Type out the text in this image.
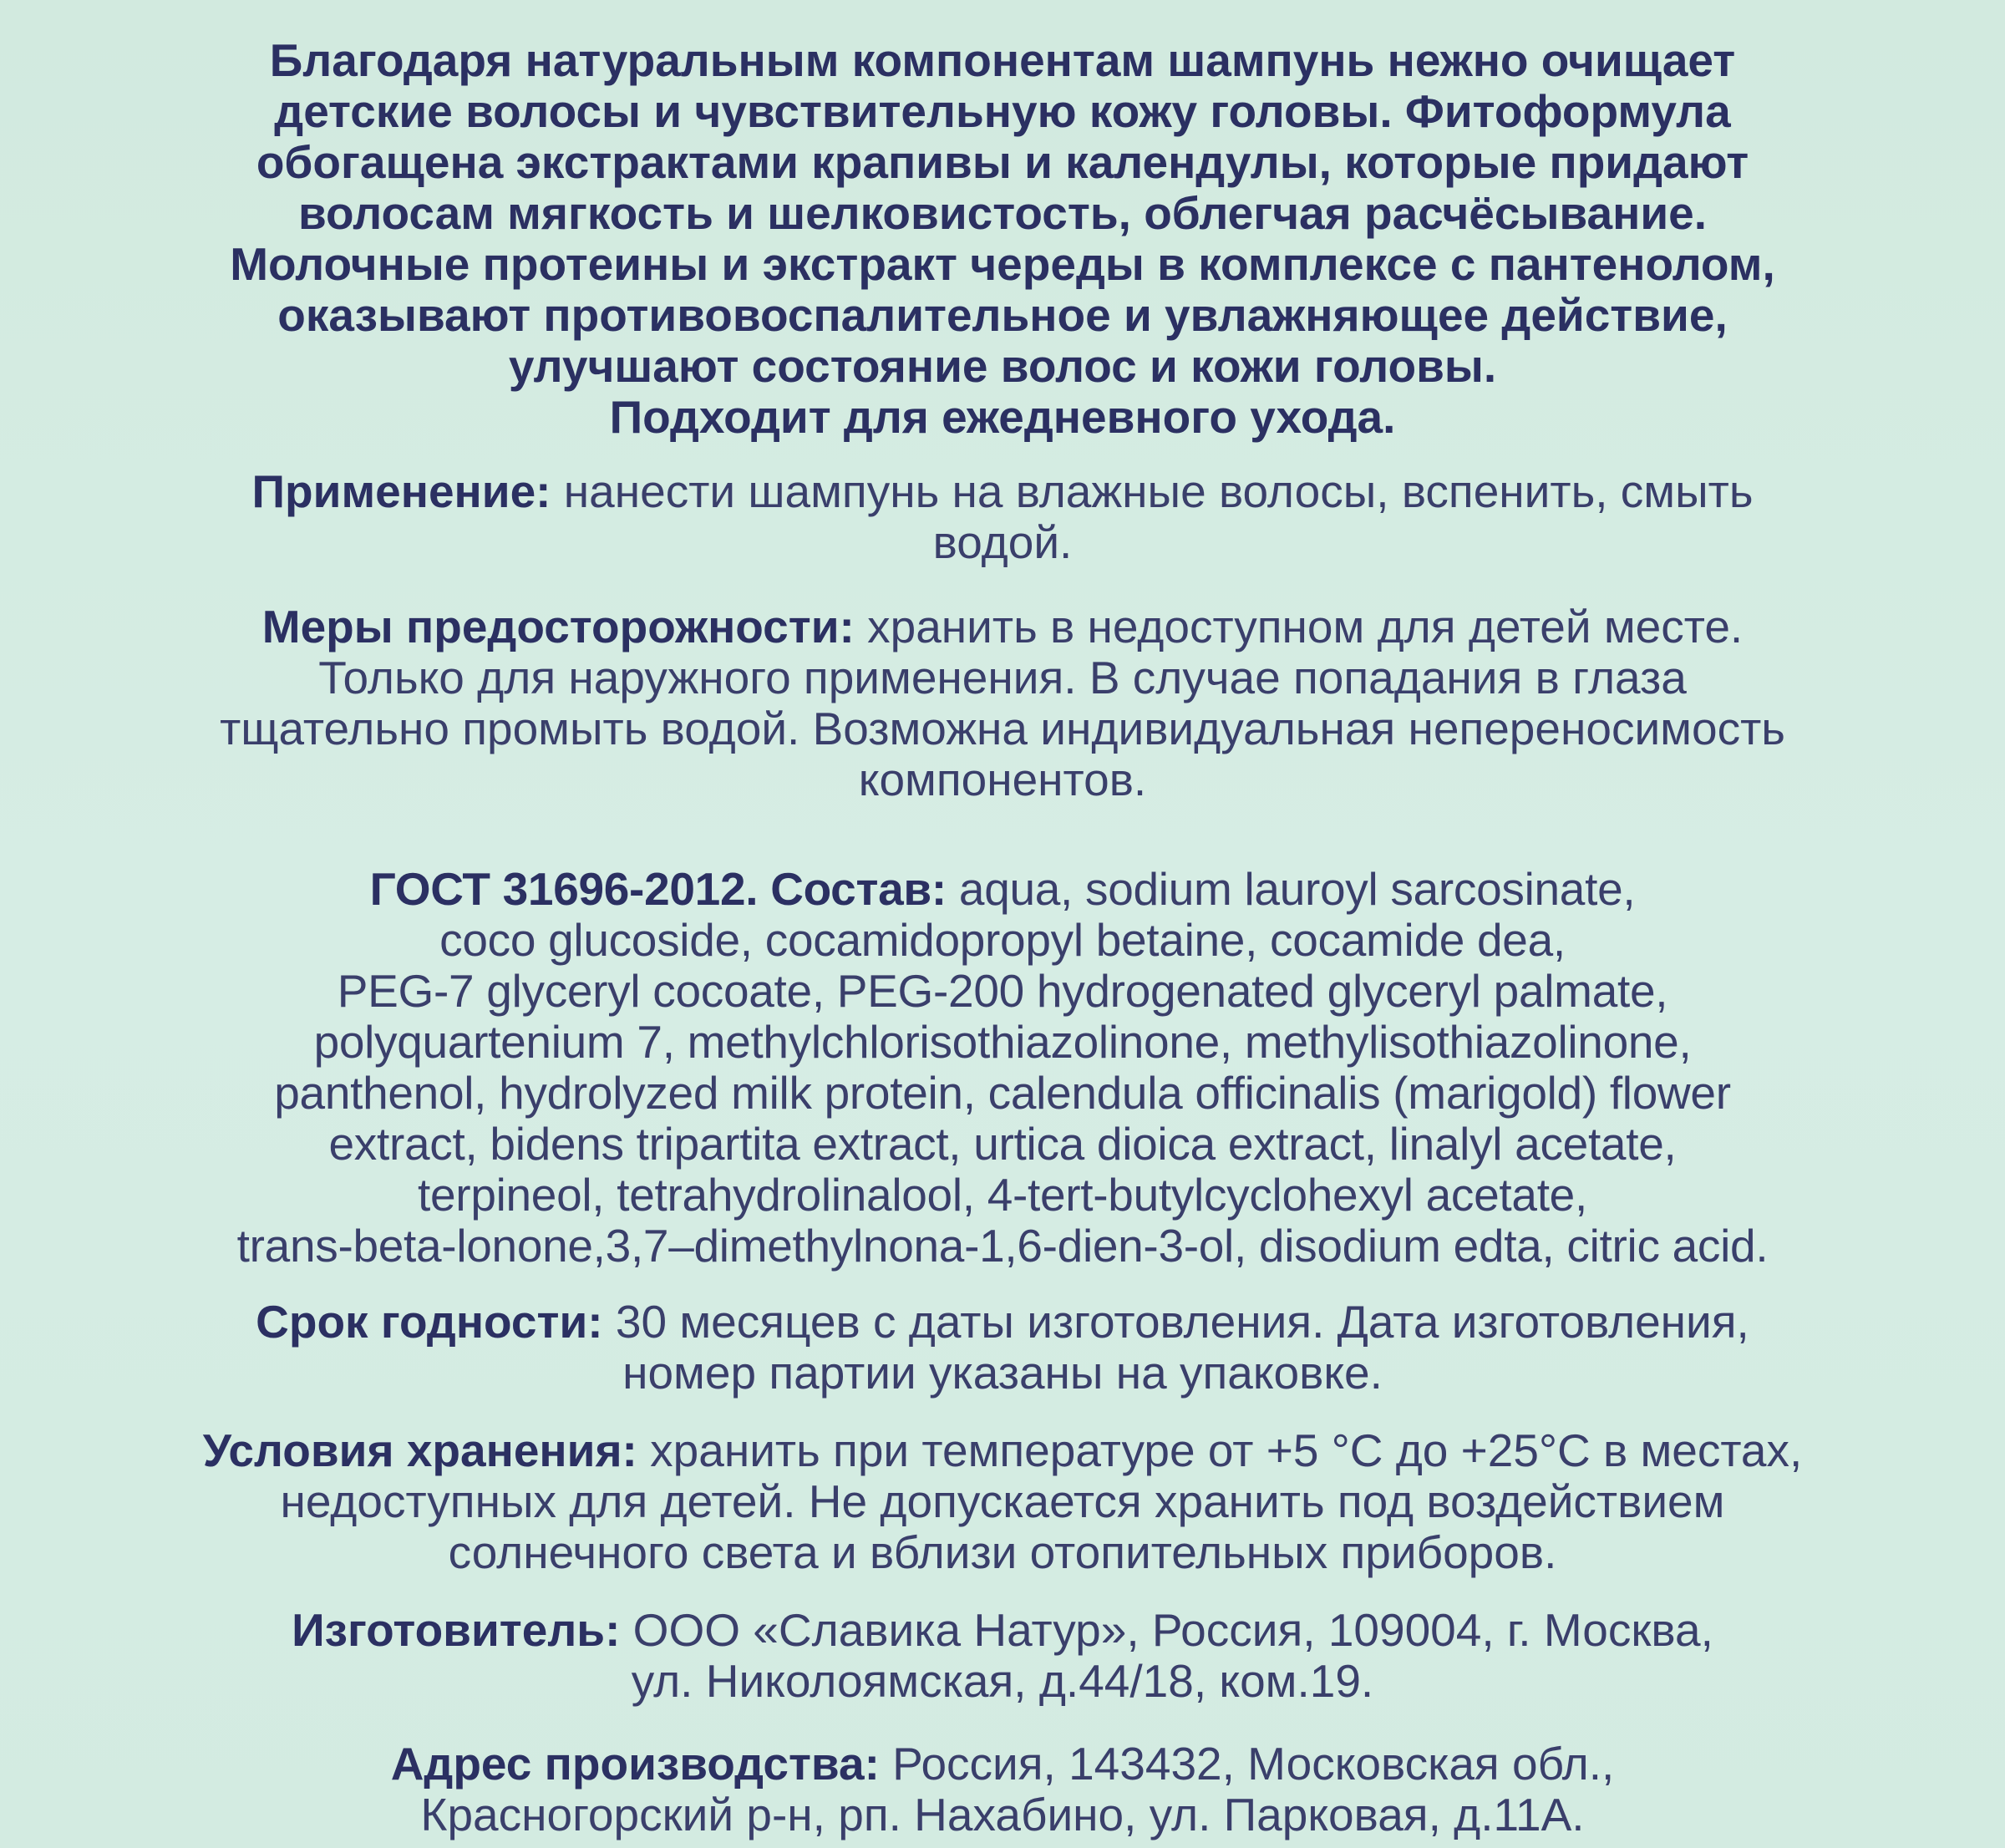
Благодаря натуральным компонентам шампунь нежно очищает
детские волосы и чувствительную кожу головы. Фитоформула
обогащена экстрактами крапивы и календулы, которые придают
волосам мягкость и шелковистость, облегчая расчёсывание.
Молочные протеины и экстракт череды в комплексе с пантенолом,
оказывают противовоспалительное и увлажняющее действие,
улучшают состояние волос и кожи головы.
Подходит для ежедневного ухода.
Применение: нанести шампунь на влажные волосы, вспенить, смыть
водой.
Меры предосторожности: хранить в недоступном для детей месте.
Только для наружного применения. В случае попадания в глаза
тщательно промыть водой. Возможна индивидуальная непереносимость
компонентов.
ГОСТ 31696-2012. Состав: aqua, sodium lauroyl sarcosinate,
coco glucoside, cocamidopropyl betaine, cocamide dea,
PEG-7 glyceryl cocoate, PEG-200 hydrogenated glyceryl palmate,
polyquartenium 7, methylchlorisothiazolinone, methylisothiazolinone,
panthenol, hydrolyzed milk protein, calendula officinalis (marigold) flower
extract, bidens tripartita extract, urtica dioica extract, linalyl acetate,
terpineol, tetrahydrolinalool, 4-tert-butylcyclohexyl acetate,
trans-beta-lonone,3,7–dimethylnona-1,6-dien-3-ol, disodium edta, citric acid.
Срок годности: 30 месяцев с даты изготовления. Дата изготовления,
номер партии указаны на упаковке.
Условия хранения: хранить при температуре от +5 °С до +25°С в местах,
недоступных для детей. Не допускается хранить под воздействием
солнечного света и вблизи отопительных приборов.
Изготовитель: ООО «Славика Натур», Россия, 109004, г. Москва,
ул. Николоямская, д.44/18, ком.19.
Адрес производства: Россия, 143432, Московская обл.,
Красногорский р-н, рп. Нахабино, ул. Парковая, д.11А.
